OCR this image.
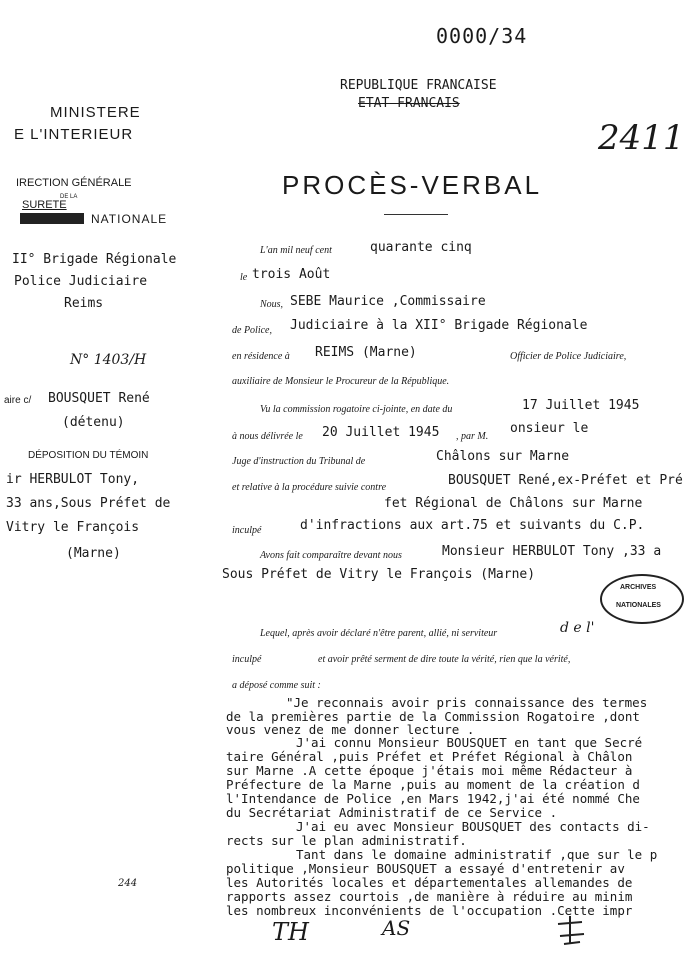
0000/34
REPUBLIQUE FRANCAISE
ETAT FRANCAIS
2411
MINISTERE
E L'INTERIEUR
IRECTION GÉNÉRALE
DE LA
SURETE
NATIONALE
II° Brigade Régionale
Police Judiciaire
Reims
N° 1403/H
aire c/ BOUSQUET René
(détenu)
DÉPOSITION DU TÉMOIN
ir HERBULOT Tony,
33 ans,Sous Préfet de
Vitry le François
(Marne)
PROCÈS-VERBAL
L'an mil neuf cent	quarante cinq
le trois Août
Nous, SEBE Maurice ,Commissaire
de Police, Judiciaire à la XII° Brigade Régionale
en résidence à REIMS (Marne)	Officier de Police Judiciaire,
auxiliaire de Monsieur le Procureur de la République.
Vu la commission rogatoire ci-jointe, en date du	17 Juillet 1945
à nous délivrée le 20 Juillet 1945 , par M.
onsieur le
Juge d'instruction du Tribunal de	Châlons sur Marne
et relative à la procédure suivie contre	BOUSQUET René,ex-Préfet et Pré
fet Régional de Châlons sur Marne
inculpé	d'infractions aux art.75 et suivants du C.P.
Avons fait comparaître devant nous	Monsieur HERBULOT Tony ,33 a
Sous Préfet de Vitry le François (Marne)
ARCHIVES
NATIONALES
Lequel, après avoir déclaré n'être parent, allié, ni serviteur	d e l'
inculpé	et avoir prêté serment de dire toute la vérité, rien que la vérité,
a déposé comme suit :
"Je reconnais avoir pris connaissance des termes
de la premières partie de la Commission Rogatoire ,dont
vous venez de me donner lecture .
J'ai connu Monsieur BOUSQUET en tant que Secré
taire Général ,puis Préfet et Préfet Régional à Châlon
sur Marne .A cette époque j'étais moi même Rédacteur à
Préfecture de la Marne ,puis au moment de la création d
l'Intendance de Police ,en Mars 1942,j'ai été nommé Che
du Secrétariat Administratif de ce Service .
J'ai eu avec Monsieur BOUSQUET des contacts di-
rects sur le plan administratif.
Tant dans le domaine administratif ,que sur le p
politique ,Monsieur BOUSQUET a essayé d'entretenir av
les Autorités locales et départementales allemandes de
rapports assez courtois ,de manière à réduire au minim
les nombreux inconvénients de l'occupation .Cette impr
244
TH	AS
